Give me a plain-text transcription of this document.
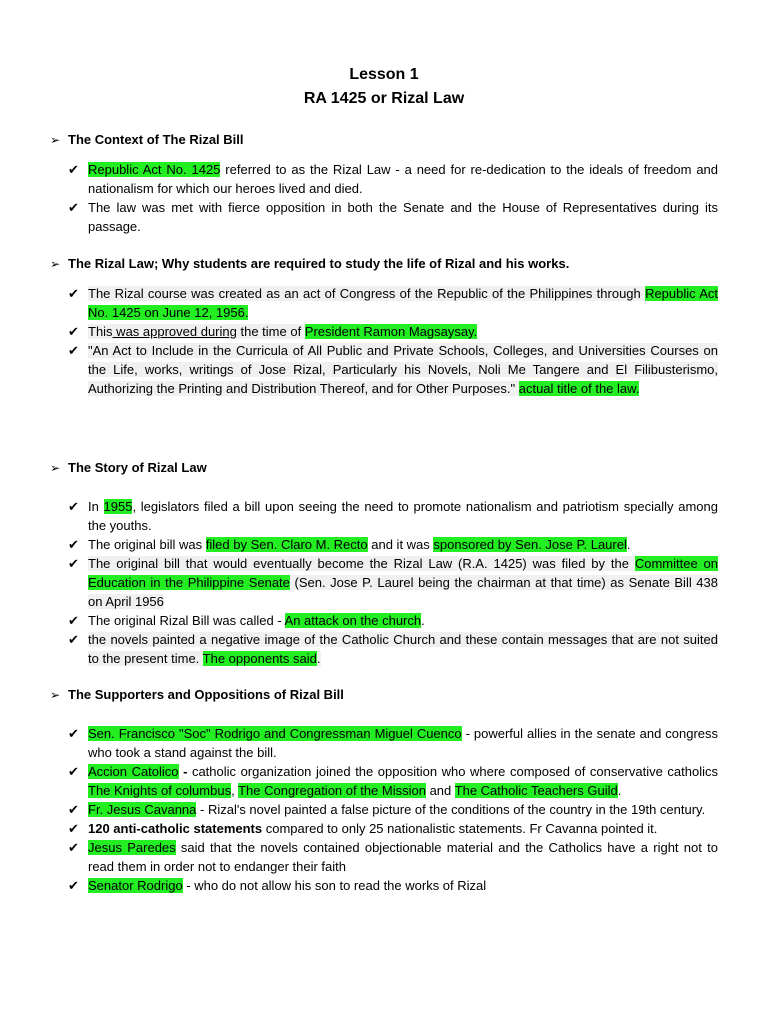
Lesson 1
RA 1425 or Rizal Law
➢ The Context of The Rizal Bill
✔ Republic Act No. 1425 referred to as the Rizal Law - a need for re-dedication to the ideals of freedom and nationalism for which our heroes lived and died.
✔ The law was met with fierce opposition in both the Senate and the House of Representatives during its passage.
➢ The Rizal Law; Why students are required to study the life of Rizal and his works.
✔ The Rizal course was created as an act of Congress of the Republic of the Philippines through Republic Act No. 1425 on June 12, 1956.
✔ This was approved during the time of President Ramon Magsaysay.
✔ "An Act to Include in the Curricula of All Public and Private Schools, Colleges, and Universities Courses on the Life, works, writings of Jose Rizal, Particularly his Novels, Noli Me Tangere and El Filibusterismo, Authorizing the Printing and Distribution Thereof, and for Other Purposes." actual title of the law.
➢ The Story of Rizal Law
✔ In 1955, legislators filed a bill upon seeing the need to promote nationalism and patriotism specially among the youths.
✔ The original bill was filed by Sen. Claro M. Recto and it was sponsored by Sen. Jose P. Laurel.
✔ The original bill that would eventually become the Rizal Law (R.A. 1425) was filed by the Committee on Education in the Philippine Senate (Sen. Jose P. Laurel being the chairman at that time) as Senate Bill 438 on April 1956
✔ The original Rizal Bill was called - An attack on the church.
✔ the novels painted a negative image of the Catholic Church and these contain messages that are not suited to the present time. The opponents said.
➢ The Supporters and Oppositions of Rizal Bill
✔ Sen. Francisco "Soc" Rodrigo and Congressman Miguel Cuenco - powerful allies in the senate and congress who took a stand against the bill.
✔ Accion Catolico - catholic organization joined the opposition who where composed of conservative catholics The Knights of columbus, The Congregation of the Mission and The Catholic Teachers Guild.
✔ Fr. Jesus Cavanna - Rizal's novel painted a false picture of the conditions of the country in the 19th century.
✔ 120 anti-catholic statements compared to only 25 nationalistic statements. Fr Cavanna pointed it.
✔ Jesus Paredes said that the novels contained objectionable material and the Catholics have a right not to read them in order not to endanger their faith
✔ Senator Rodrigo - who do not allow his son to read the works of Rizal
